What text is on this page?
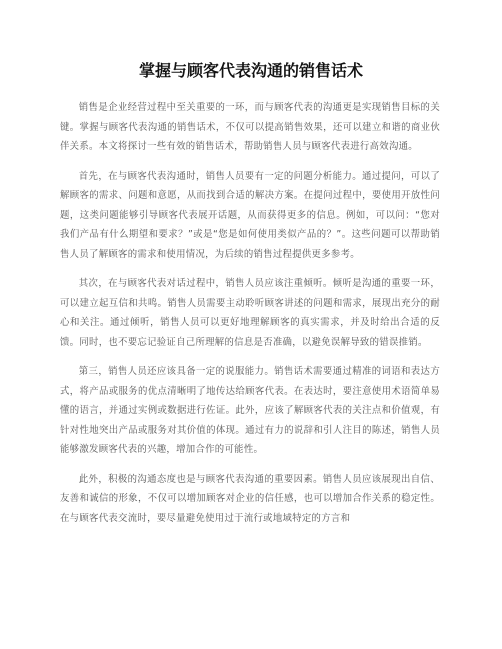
掌握与顾客代表沟通的销售话术

销售是企业经营过程中至关重要的一环，而与顾客代表的沟通更是实现销售目标的关键。掌握与顾客代表沟通的销售话术，不仅可以提高销售效果，还可以建立和谐的商业伙伴关系。本文将探讨一些有效的销售话术，帮助销售人员与顾客代表进行高效沟通。

首先，在与顾客代表沟通时，销售人员要有一定的问题分析能力。通过提问，可以了解顾客的需求、问题和意愿，从而找到合适的解决方案。在提问过程中，要使用开放性问题，这类问题能够引导顾客代表展开话题，从而获得更多的信息。例如，可以问：“您对我们产品有什么期望和要求？”或是“您是如何使用类似产品的？”。这些问题可以帮助销售人员了解顾客的需求和使用情况，为后续的销售过程提供更多参考。

其次，在与顾客代表对话过程中，销售人员应该注重倾听。倾听是沟通的重要一环，可以建立起互信和共鸣。销售人员需要主动聆听顾客讲述的问题和需求，展现出充分的耐心和关注。通过倾听，销售人员可以更好地理解顾客的真实需求，并及时给出合适的反馈。同时，也不要忘记验证自己所理解的信息是否准确，以避免误解导致的错误推销。

第三，销售人员还应该具备一定的说服能力。销售话术需要通过精准的词语和表达方式，将产品或服务的优点清晰明了地传达给顾客代表。在表达时，要注意使用术语简单易懂的语言，并通过实例或数据进行佐证。此外，应该了解顾客代表的关注点和价值观，有针对性地突出产品或服务对其价值的体现。通过有力的说辞和引人注目的陈述，销售人员能够激发顾客代表的兴趣，增加合作的可能性。

此外，积极的沟通态度也是与顾客代表沟通的重要因素。销售人员应该展现出自信、友善和诚信的形象，不仅可以增加顾客对企业的信任感，也可以增加合作关系的稳定性。在与顾客代表交流时，要尽量避免使用过于流行或地域特定的方言和
